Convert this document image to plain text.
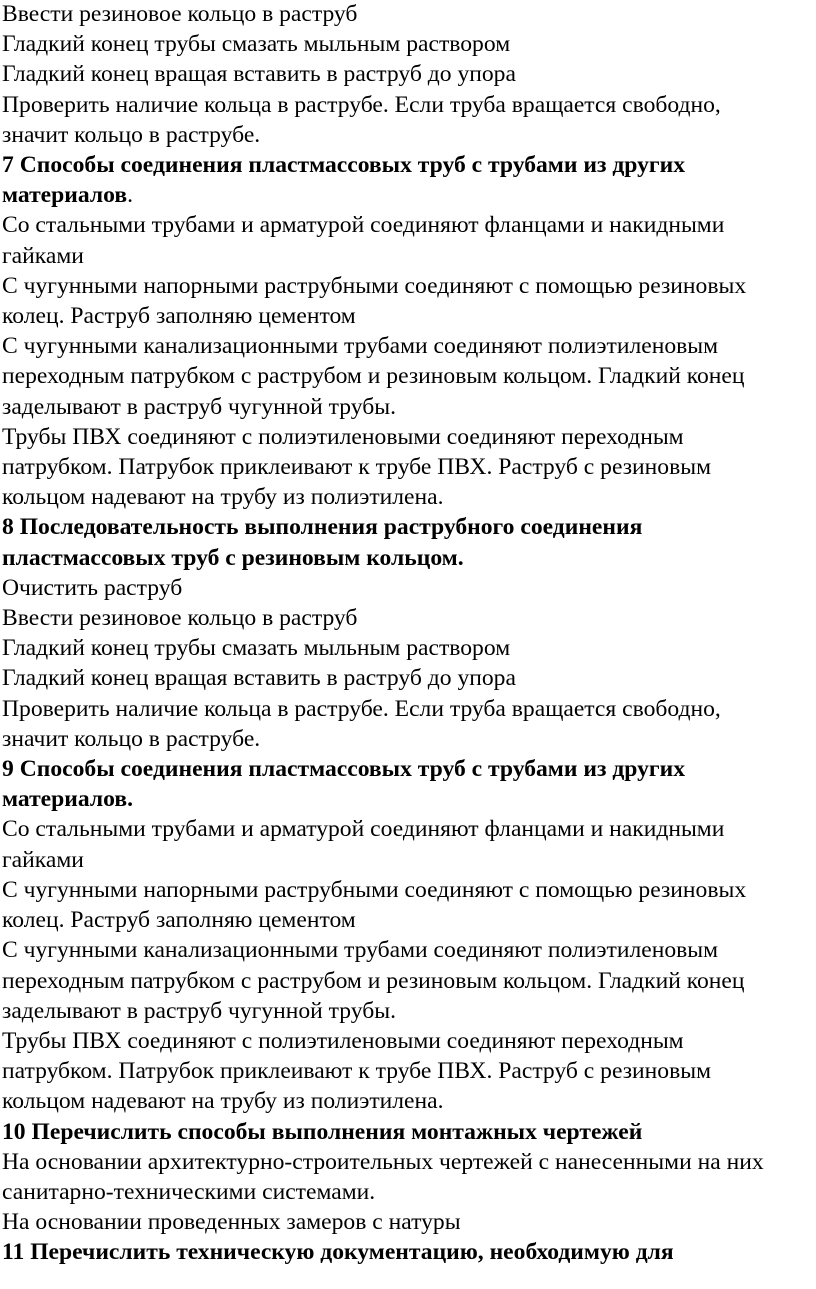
Ввести резиновое кольцо в раструб

Гладкий конец трубы смазать мыльным раствором

Гладкий конец вращая вставить в раструб до упора

Проверить наличие кольца в раструбе. Если труба вращается свободно,
значит кольцо в раструбе.

7 Способы соединения пластмассовых труб с трубами из других
материалов.

Со стальными трубами и арматурой соединяют фланцами и накидными
гайками

С чугунными напорными раструбными соединяют с помощью резиновых
колец. Раструб заполняю цементом

С чугунными канализационными трубами соединяют полиэтиленовым
переходным патрубком с раструбом и резиновым кольцом. Гладкий конец
заделывают в раструб чугунной трубы.

Трубы ПВХ соединяют с полиэтиленовыми соединяют переходным
патрубком. Патрубок приклеивают к трубе ПВХ. Раструб с резиновым
кольцом надевают на трубу из полиэтилена.

8 Последовательность выполнения раструбного соединения
пластмассовых труб с резиновым кольцом.

Очистить раструб

Ввести резиновое кольцо в раструб

Гладкий конец трубы смазать мыльным раствором

Гладкий конец вращая вставить в раструб до упора

Проверить наличие кольца в раструбе. Если труба вращается свободно,
значит кольцо в раструбе.

9 Способы соединения пластмассовых труб с трубами из других
материалов.

Со стальными трубами и арматурой соединяют фланцами и накидными
гайками

С чугунными напорными раструбными соединяют с помощью резиновых
колец. Раструб заполняю цементом

С чугунными канализационными трубами соединяют полиэтиленовым
переходным патрубком с раструбом и резиновым кольцом. Гладкий конец
заделывают в раструб чугунной трубы.

Трубы ПВХ соединяют с полиэтиленовыми соединяют переходным
патрубком. Патрубок приклеивают к трубе ПВХ. Раструб с резиновым
кольцом надевают на трубу из полиэтилена.

10 Перечислить способы выполнения монтажных чертежей

На основании архитектурно-строительных чертежей с нанесенными на них
санитарно-техническими системами.

На основании проведенных замеров с натуры

11 Перечислить техническую документацию, необходимую для
